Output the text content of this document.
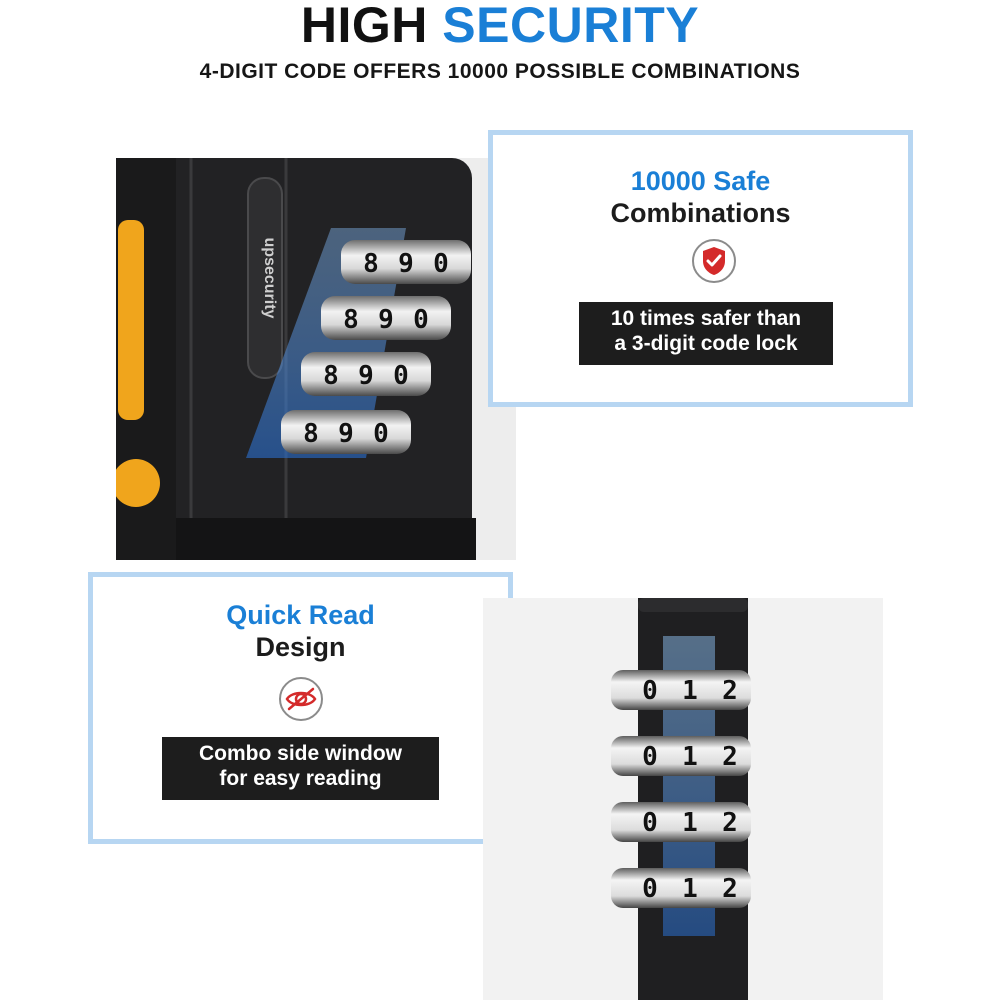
HIGH SECURITY
4-DIGIT CODE OFFERS 10000 POSSIBLE COMBINATIONS
upsecurity	8 9 0
8 9 0
8 9 0
8 9 0
10000 Safe
Combinations
10 times safer than
a 3-digit code lock
Quick Read
Design
Combo side window
for easy reading
0 1 2
0 1 2
0 1 2
0 1 2
